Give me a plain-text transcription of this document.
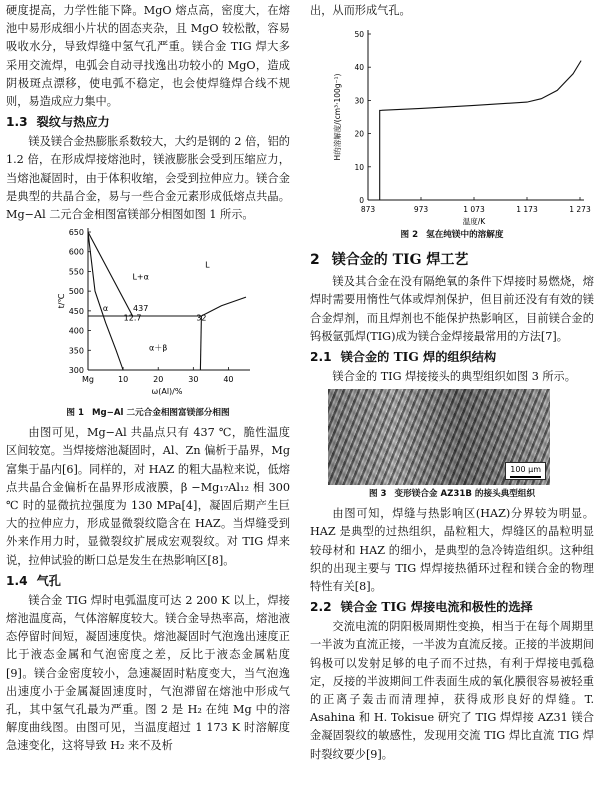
硬度提高，力学性能下降。MgO 熔点高，密度大，在熔池中易形成细小片状的固态夹杂，且 MgO 较松散，容易吸收水分，导致焊缝中氢气孔严重。镁合金 TIG 焊大多采用交流焊，电弧会自动寻找逸出功较小的 MgO，造成阴极斑点漂移，使电弧不稳定，也会使焊缝焊合线不规则，易造成应力集中。

1.3 裂纹与热应力

镁及镁合金热膨胀系数较大，大约是钢的 2 倍，铝的 1.2 倍，在形成焊接熔池时，镁液膨胀会受到压缩应力，当熔池凝固时，由于体积收缩，会受到拉伸应力。镁合金是典型的共晶合金，易与一些合金元素形成低熔点共晶。Mg−Al 二元合金相图富镁部分相图如图 1 所示。

300
350
400
450
500
550
600
650
10	20	30	40
Mg
ω(Al)/%
t/℃
L
L+α
α	437
12.7	32
α＋β
图 1 Mg−Al 二元合金相图富镁部分相图

由图可见，Mg−Al 共晶点只有 437 ℃，脆性温度区间较宽。当焊接熔池凝固时，Al、Zn 偏析于晶界，Mg 富集于晶内[6]。同样的，对 HAZ 的粗大晶粒来说，低熔点共晶合金偏析在晶界形成液膜，β −Mg₁₇Al₁₂ 相 300 ℃ 时的显微抗拉强度为 130 MPa[4]，凝固后期产生巨大的拉伸应力，形成显微裂纹隐含在 HAZ。当焊缝受到外来作用力时，显微裂纹扩展成宏观裂纹。对 TIG 焊来说，拉伸试验的断口总是发生在热影响区[8]。

1.4 气孔

镁合金 TIG 焊时电弧温度可达 2 200 K 以上，焊接熔池温度高，气体溶解度较大。镁合金导热率高，熔池液态停留时间短，凝固速度快。熔池凝固时气泡逸出速度正比于液态金属和气泡密度之差，反比于液态金属粘度[9]。镁合金密度较小，急速凝固时粘度变大，当气泡逸出速度小于金属凝固速度时，气泡滞留在熔池中形成气孔，其中氢气孔最为严重。图 2 是 H₂ 在纯 Mg 中的溶解度曲线图。由图可见，当温度超过 1 173 K 时溶解度急速变化，这将导致 H₂ 来不及析

出，从而形成气孔。

0
10
20
30
40
50
873	973	1 073	1 173	1 273
温度/K
H的溶解度/(cm³·100g⁻¹)
图 2 氢在纯镁中的溶解度
2 镁合金的 TIG 焊工艺

镁及其合金在没有隔绝氧的条件下焊接时易燃烧，熔焊时需要用惰性气体或焊剂保护，但目前还没有有效的镁合金焊剂，而且焊剂也不能保护热影响区，目前镁合金的钨极氩弧焊(TIG)成为镁合金焊接最常用的方法[7]。

2.1 镁合金的 TIG 焊的组织结构

镁合金的 TIG 焊接接头的典型组织如图 3 所示。

100 μm
图 3 变形镁合金 AZ31B 的接头典型组织

由图可知，焊缝与热影响区(HAZ)分界较为明显。HAZ 是典型的过热组织，晶粒粗大，焊缝区的晶粒明显较母材和 HAZ 的细小，是典型的急冷铸造组织。这种组织的出现主要与 TIG 焊焊接热循环过程和镁合金的物理特性有关[8]。

2.2 镁合金 TIG 焊接电流和极性的选择

交流电流的阴阳极周期性变换，相当于在每个周期里一半波为直流正接，一半波为直流反接。正接的半波期间钨极可以发射足够的电子而不过热，有利于焊接电弧稳定，反接的半波期间工件表面生成的氧化膜很容易被轻重的正离子轰击而清理掉，获得成形良好的焊缝。T. Asahina 和 H. Tokisue 研究了 TIG 焊焊接 AZ31 镁合金凝固裂纹的敏感性，发现用交流 TIG 焊比直流 TIG 焊时裂纹要少[9]。
